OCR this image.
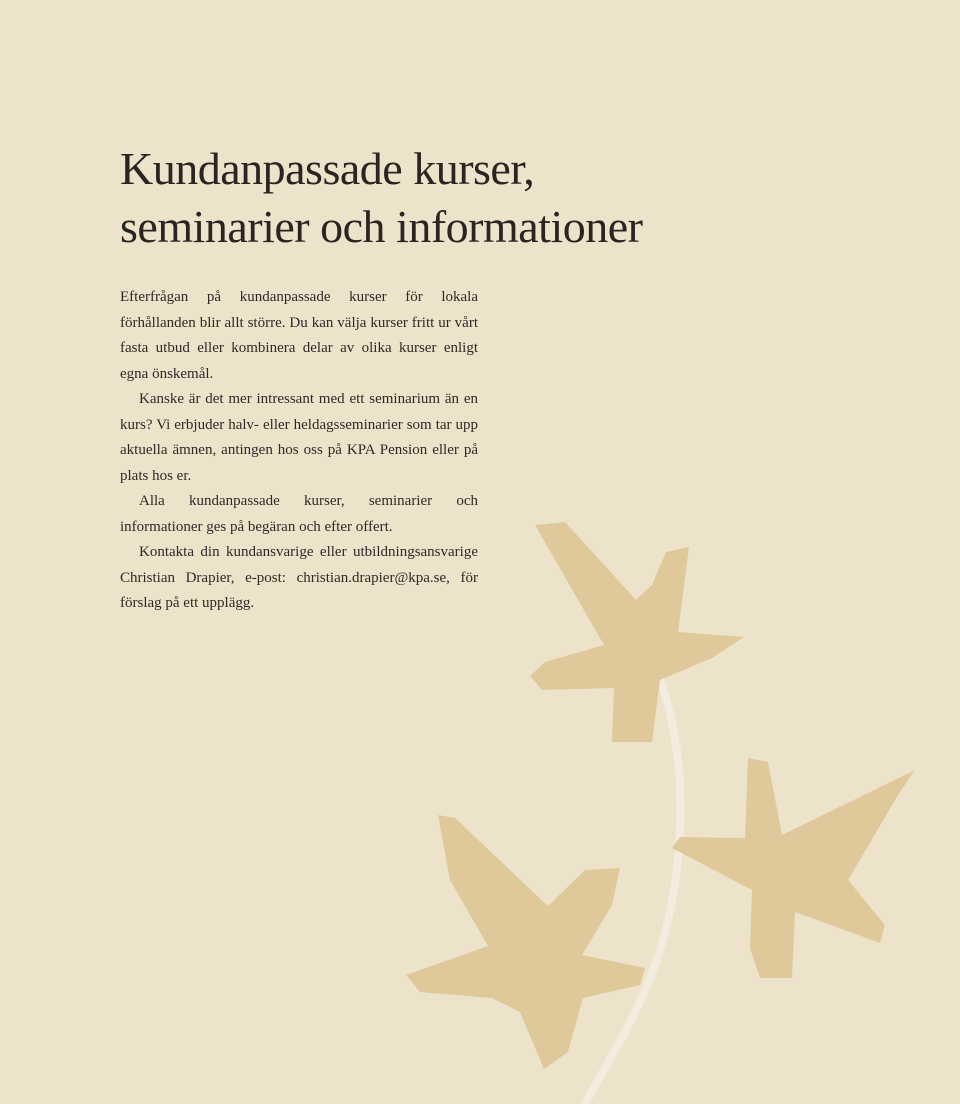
Kundanpassade kurser,
seminarier och informationer

Efterfrågan på kundanpassade kurser för lokala förhållanden blir allt större. Du kan välja kurser fritt ur vårt fasta utbud eller kombinera delar av olika kurser enligt egna önskemål.

Kanske är det mer intressant med ett seminarium än en kurs? Vi erbjuder halv- eller heldagsseminarier som tar upp aktuella ämnen, antingen hos oss på KPA Pension eller på plats hos er.

Alla kundanpassade kurser, seminarier och informationer ges på begäran och efter offert.

Kontakta din kundansvarige eller utbildningsansvarige Christian Drapier, e-post: christian.drapier@kpa.se, för förslag på ett upplägg.
